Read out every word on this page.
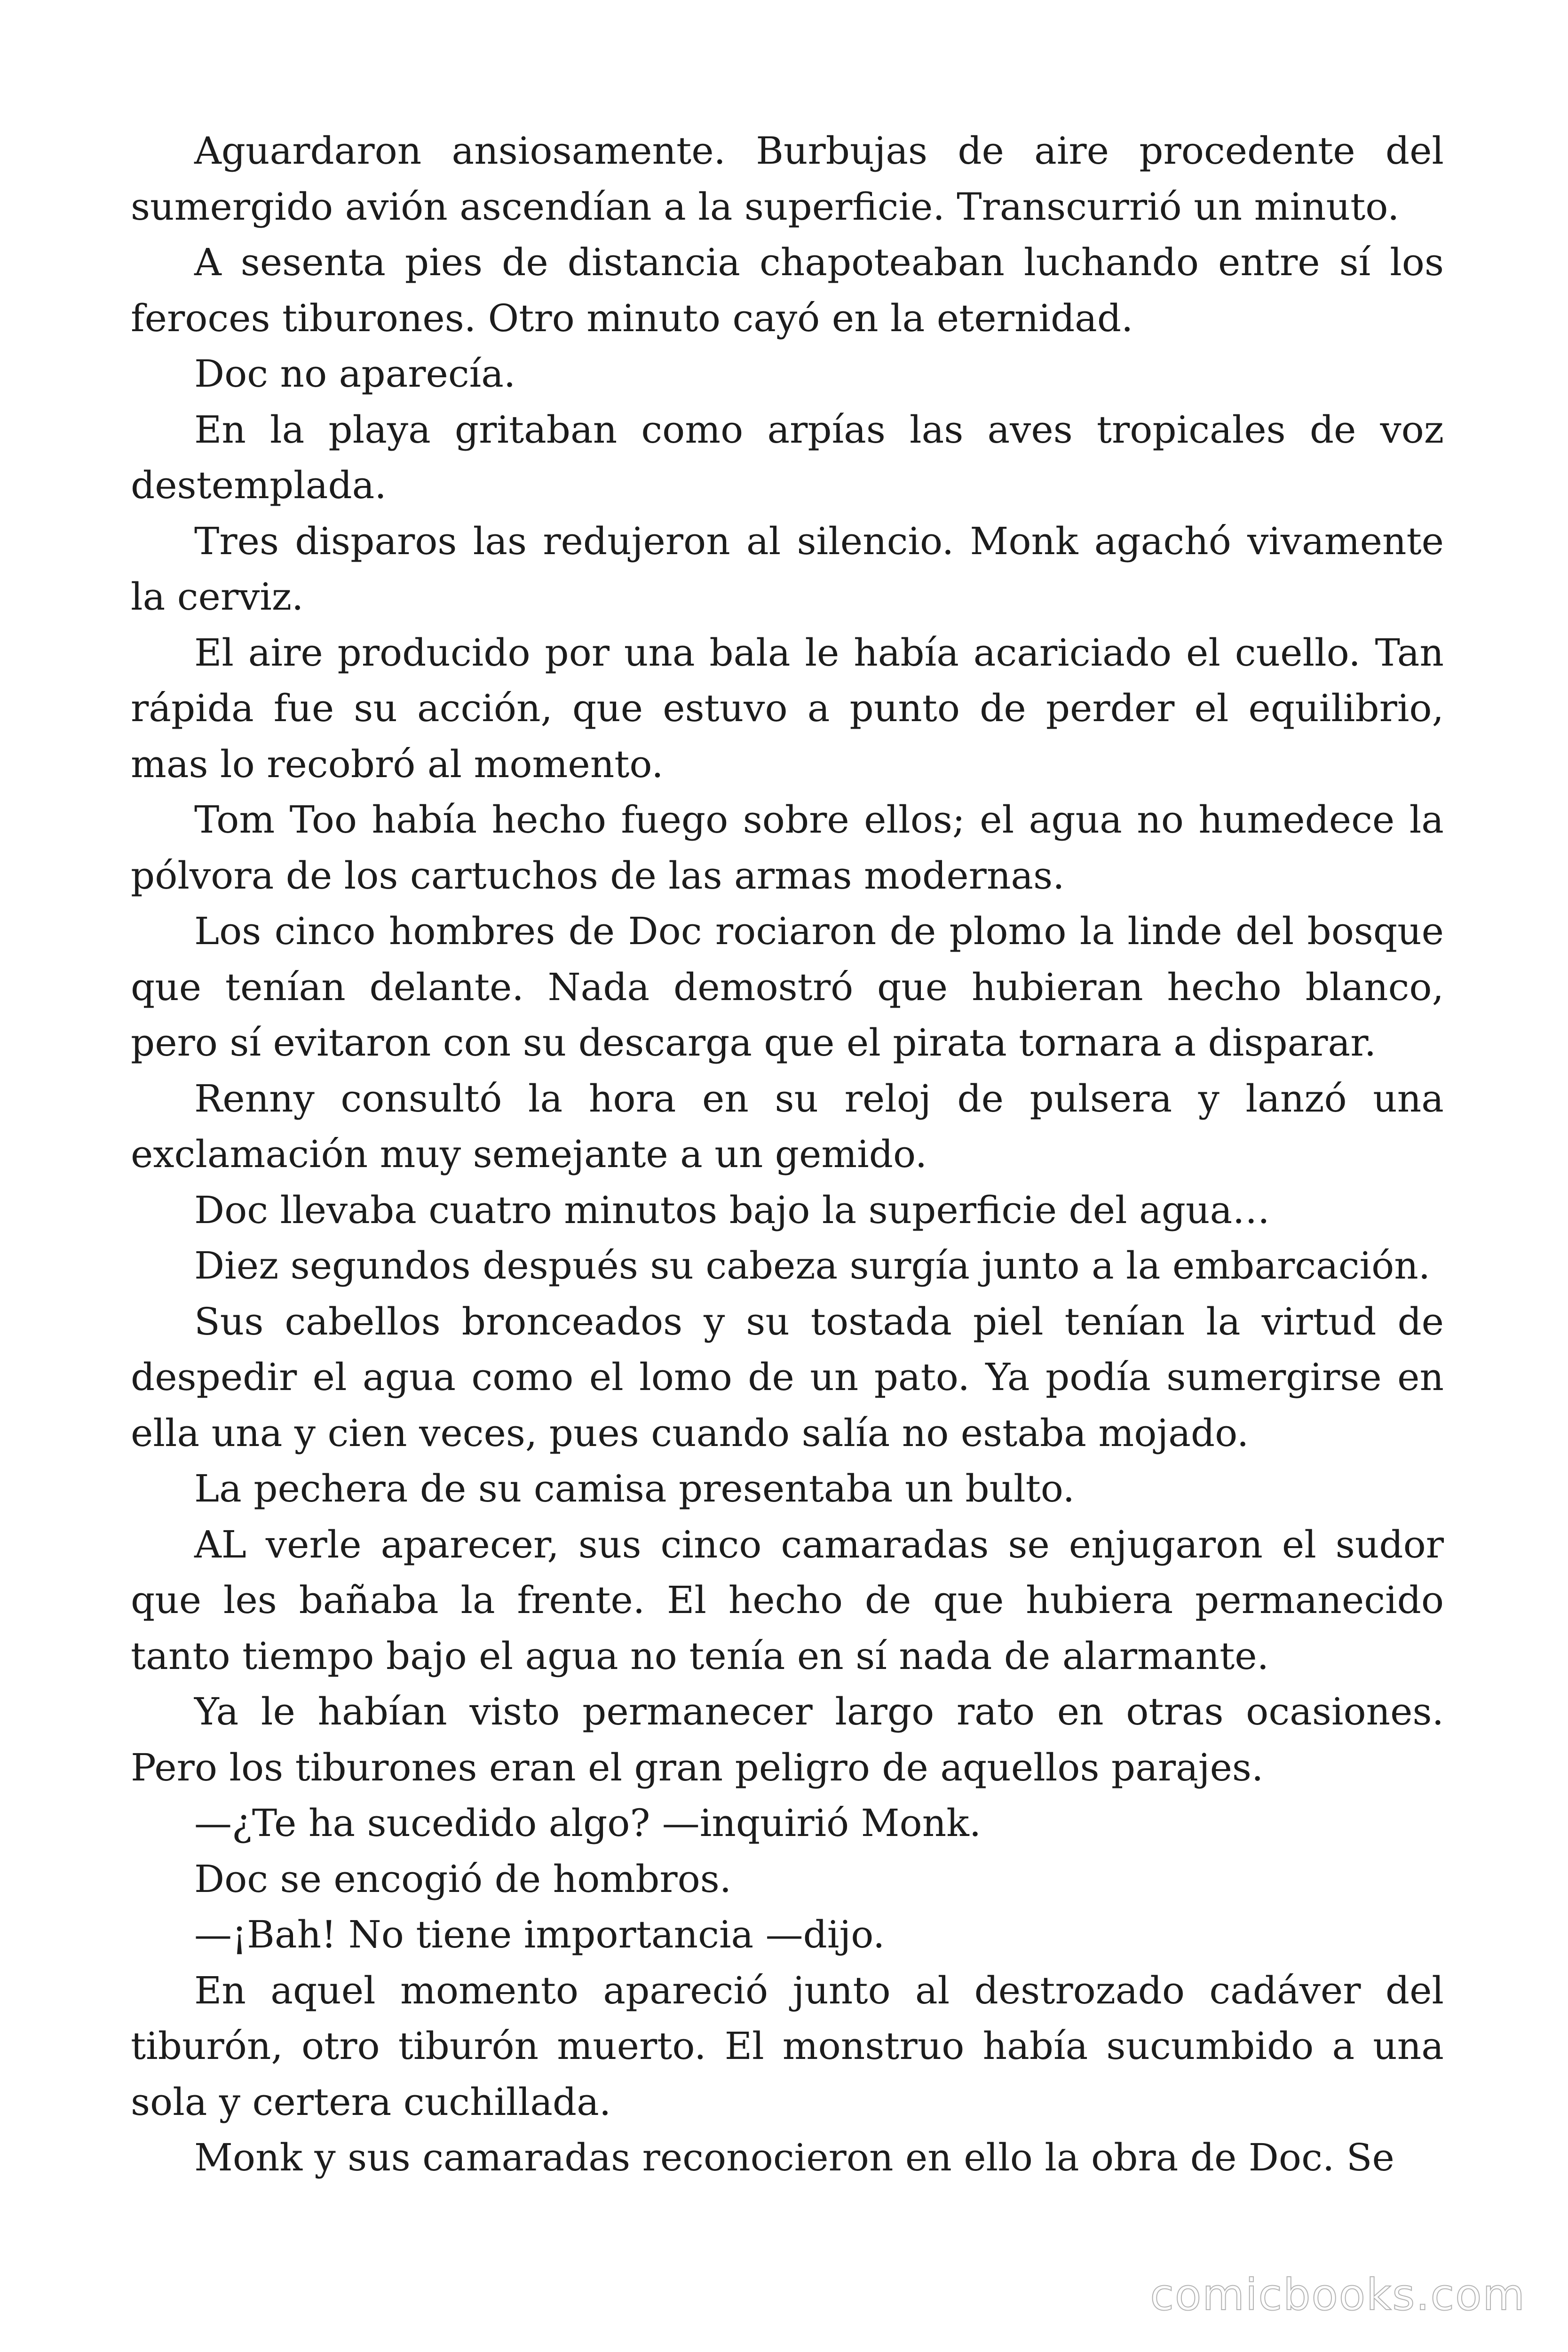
Aguardaron ansiosamente. Burbujas de aire procedente del sumergido avión ascendían a la superficie. Transcurrió un minuto.

A sesenta pies de distancia chapoteaban luchando entre sí los feroces tiburones. Otro minuto cayó en la eternidad.

Doc no aparecía.

En la playa gritaban como arpías las aves tropicales de voz destemplada.

Tres disparos las redujeron al silencio. Monk agachó vivamente la cerviz.

El aire producido por una bala le había acariciado el cuello. Tan rápida fue su acción, que estuvo a punto de perder el equilibrio, mas lo recobró al momento.

Tom Too había hecho fuego sobre ellos; el agua no humedece la pólvora de los cartuchos de las armas modernas.

Los cinco hombres de Doc rociaron de plomo la linde del bosque que tenían delante. Nada demostró que hubieran hecho blanco, pero sí evitaron con su descarga que el pirata tornara a disparar.

Renny consultó la hora en su reloj de pulsera y lanzó una exclamación muy semejante a un gemido.

Doc llevaba cuatro minutos bajo la superficie del agua…

Diez segundos después su cabeza surgía junto a la embarcación.

Sus cabellos bronceados y su tostada piel tenían la virtud de despedir el agua como el lomo de un pato. Ya podía sumergirse en ella una y cien veces, pues cuando salía no estaba mojado.

La pechera de su camisa presentaba un bulto.

AL verle aparecer, sus cinco camaradas se enjugaron el sudor que les bañaba la frente. El hecho de que hubiera permanecido tanto tiempo bajo el agua no tenía en sí nada de alarmante.

Ya le habían visto permanecer largo rato en otras ocasiones. Pero los tiburones eran el gran peligro de aquellos parajes.

—¿Te ha sucedido algo? —inquirió Monk.

Doc se encogió de hombros.

—¡Bah! No tiene importancia —dijo.

En aquel momento apareció junto al destrozado cadáver del tiburón, otro tiburón muerto. El monstruo había sucumbido a una sola y certera cuchillada.

Monk y sus camaradas reconocieron en ello la obra de Doc. Se

comicbooks.com
